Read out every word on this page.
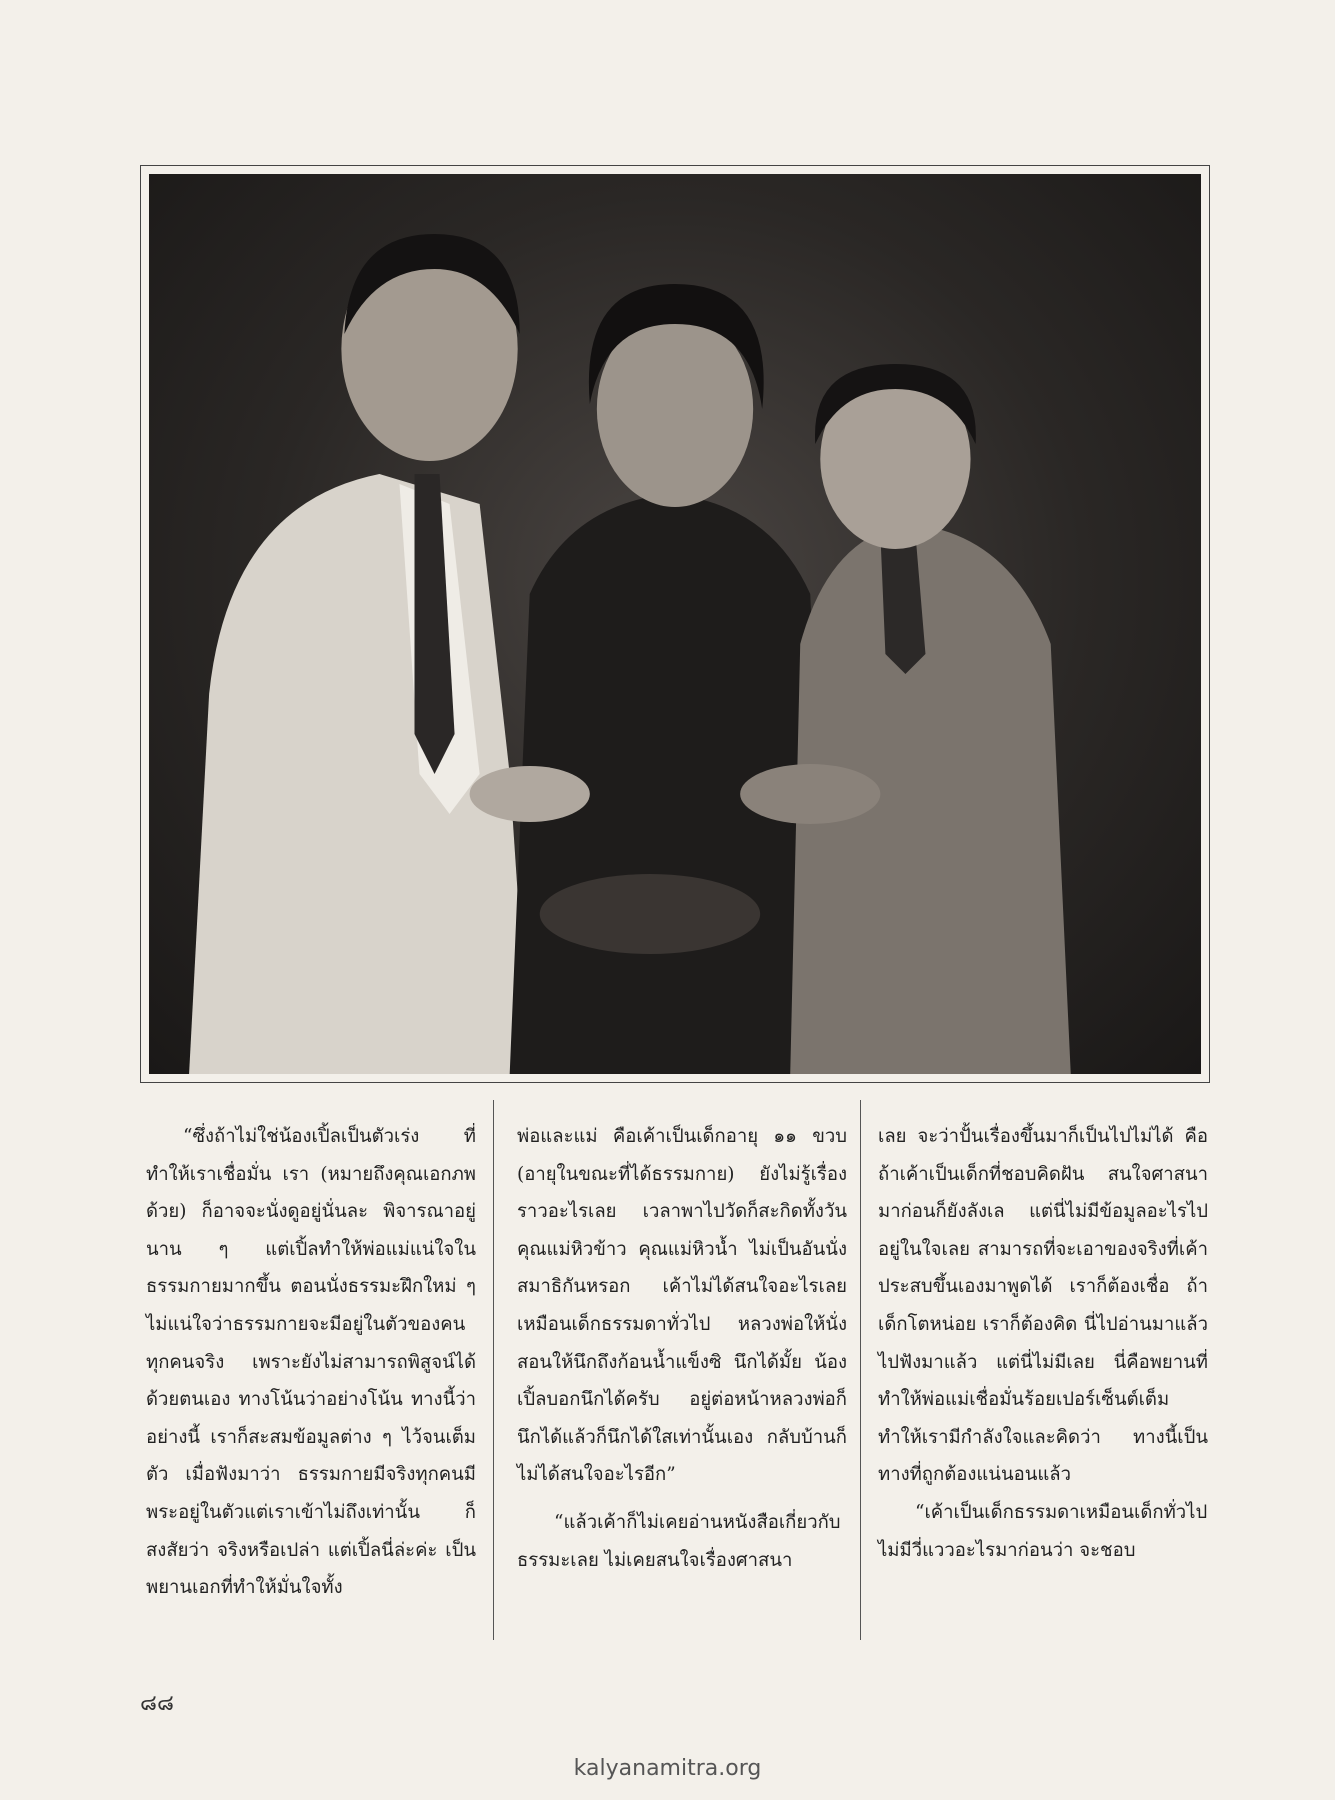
“ซึ่งถ้าไม่ใช่น้องเปิ้ลเป็นตัวเร่ง ที่ทำให้เราเชื่อมั่น เรา (หมายถึงคุณเอกภพด้วย) ก็อาจจะนั่งดูอยู่นั่นละ พิจารณาอยู่นาน ๆ แต่เปิ้ลทำให้พ่อแม่แน่ใจในธรรมกายมากขึ้น ตอนนั่งธรรมะฝึกใหม่ ๆ ไม่แน่ใจว่าธรรมกายจะมีอยู่ในตัวของคนทุกคนจริง เพราะยังไม่สามารถพิสูจน์ได้ด้วยตนเอง ทางโน้นว่าอย่างโน้น ทางนี้ว่าอย่างนี้ เราก็สะสมข้อมูลต่าง ๆ ไว้จนเต็มตัว เมื่อฟังมาว่า ธรรมกายมีจริงทุกคนมีพระอยู่ในตัวแต่เราเข้าไม่ถึงเท่านั้น ก็สงสัยว่า จริงหรือเปล่า แต่เปิ้ลนี่ล่ะค่ะ เป็นพยานเอกที่ทำให้มั่นใจทั้ง

พ่อและแม่ คือเค้าเป็นเด็กอายุ ๑๑ ขวบ (อายุในขณะที่ได้ธรรมกาย) ยังไม่รู้เรื่องราวอะไรเลย เวลาพาไปวัดก็สะกิดทั้งวันคุณแม่หิวข้าว คุณแม่หิวน้ำ ไม่เป็นอันนั่งสมาธิกันหรอก เค้าไม่ได้สนใจอะไรเลยเหมือนเด็กธรรมดาทั่วไป หลวงพ่อให้นั่ง สอนให้นึกถึงก้อนน้ำแข็งซิ นึกได้มั้ย น้องเปิ้ลบอกนึกได้ครับ อยู่ต่อหน้าหลวงพ่อก็นึกได้แล้วก็นึกได้ใสเท่านั้นเอง กลับบ้านก็ไม่ได้สนใจอะไรอีก”

“แล้วเค้าก็ไม่เคยอ่านหนังสือเกี่ยวกับธรรมะเลย ไม่เคยสนใจเรื่องศาสนา

เลย จะว่าปั้นเรื่องขึ้นมาก็เป็นไปไม่ได้ คือ ถ้าเค้าเป็นเด็กที่ชอบคิดฝัน สนใจศาสนามาก่อนก็ยังลังเล แต่นี่ไม่มีข้อมูลอะไรไปอยู่ในใจเลย สามารถที่จะเอาของจริงที่เค้าประสบขึ้นเองมาพูดได้ เราก็ต้องเชื่อ ถ้าเด็กโตหน่อย เราก็ต้องคิด นี่ไปอ่านมาแล้ว ไปฟังมาแล้ว แต่นี่ไม่มีเลย นี่คือพยานที่ทำให้พ่อแม่เชื่อมั่นร้อยเปอร์เซ็นต์เต็ม ทำให้เรามีกำลังใจและคิดว่า ทางนี้เป็นทางที่ถูกต้องแน่นอนแล้ว

“เค้าเป็นเด็กธรรมดาเหมือนเด็กทั่วไป ไม่มีวี่แววอะไรมาก่อนว่า จะชอบ

๘๘
kalyanamitra.org
